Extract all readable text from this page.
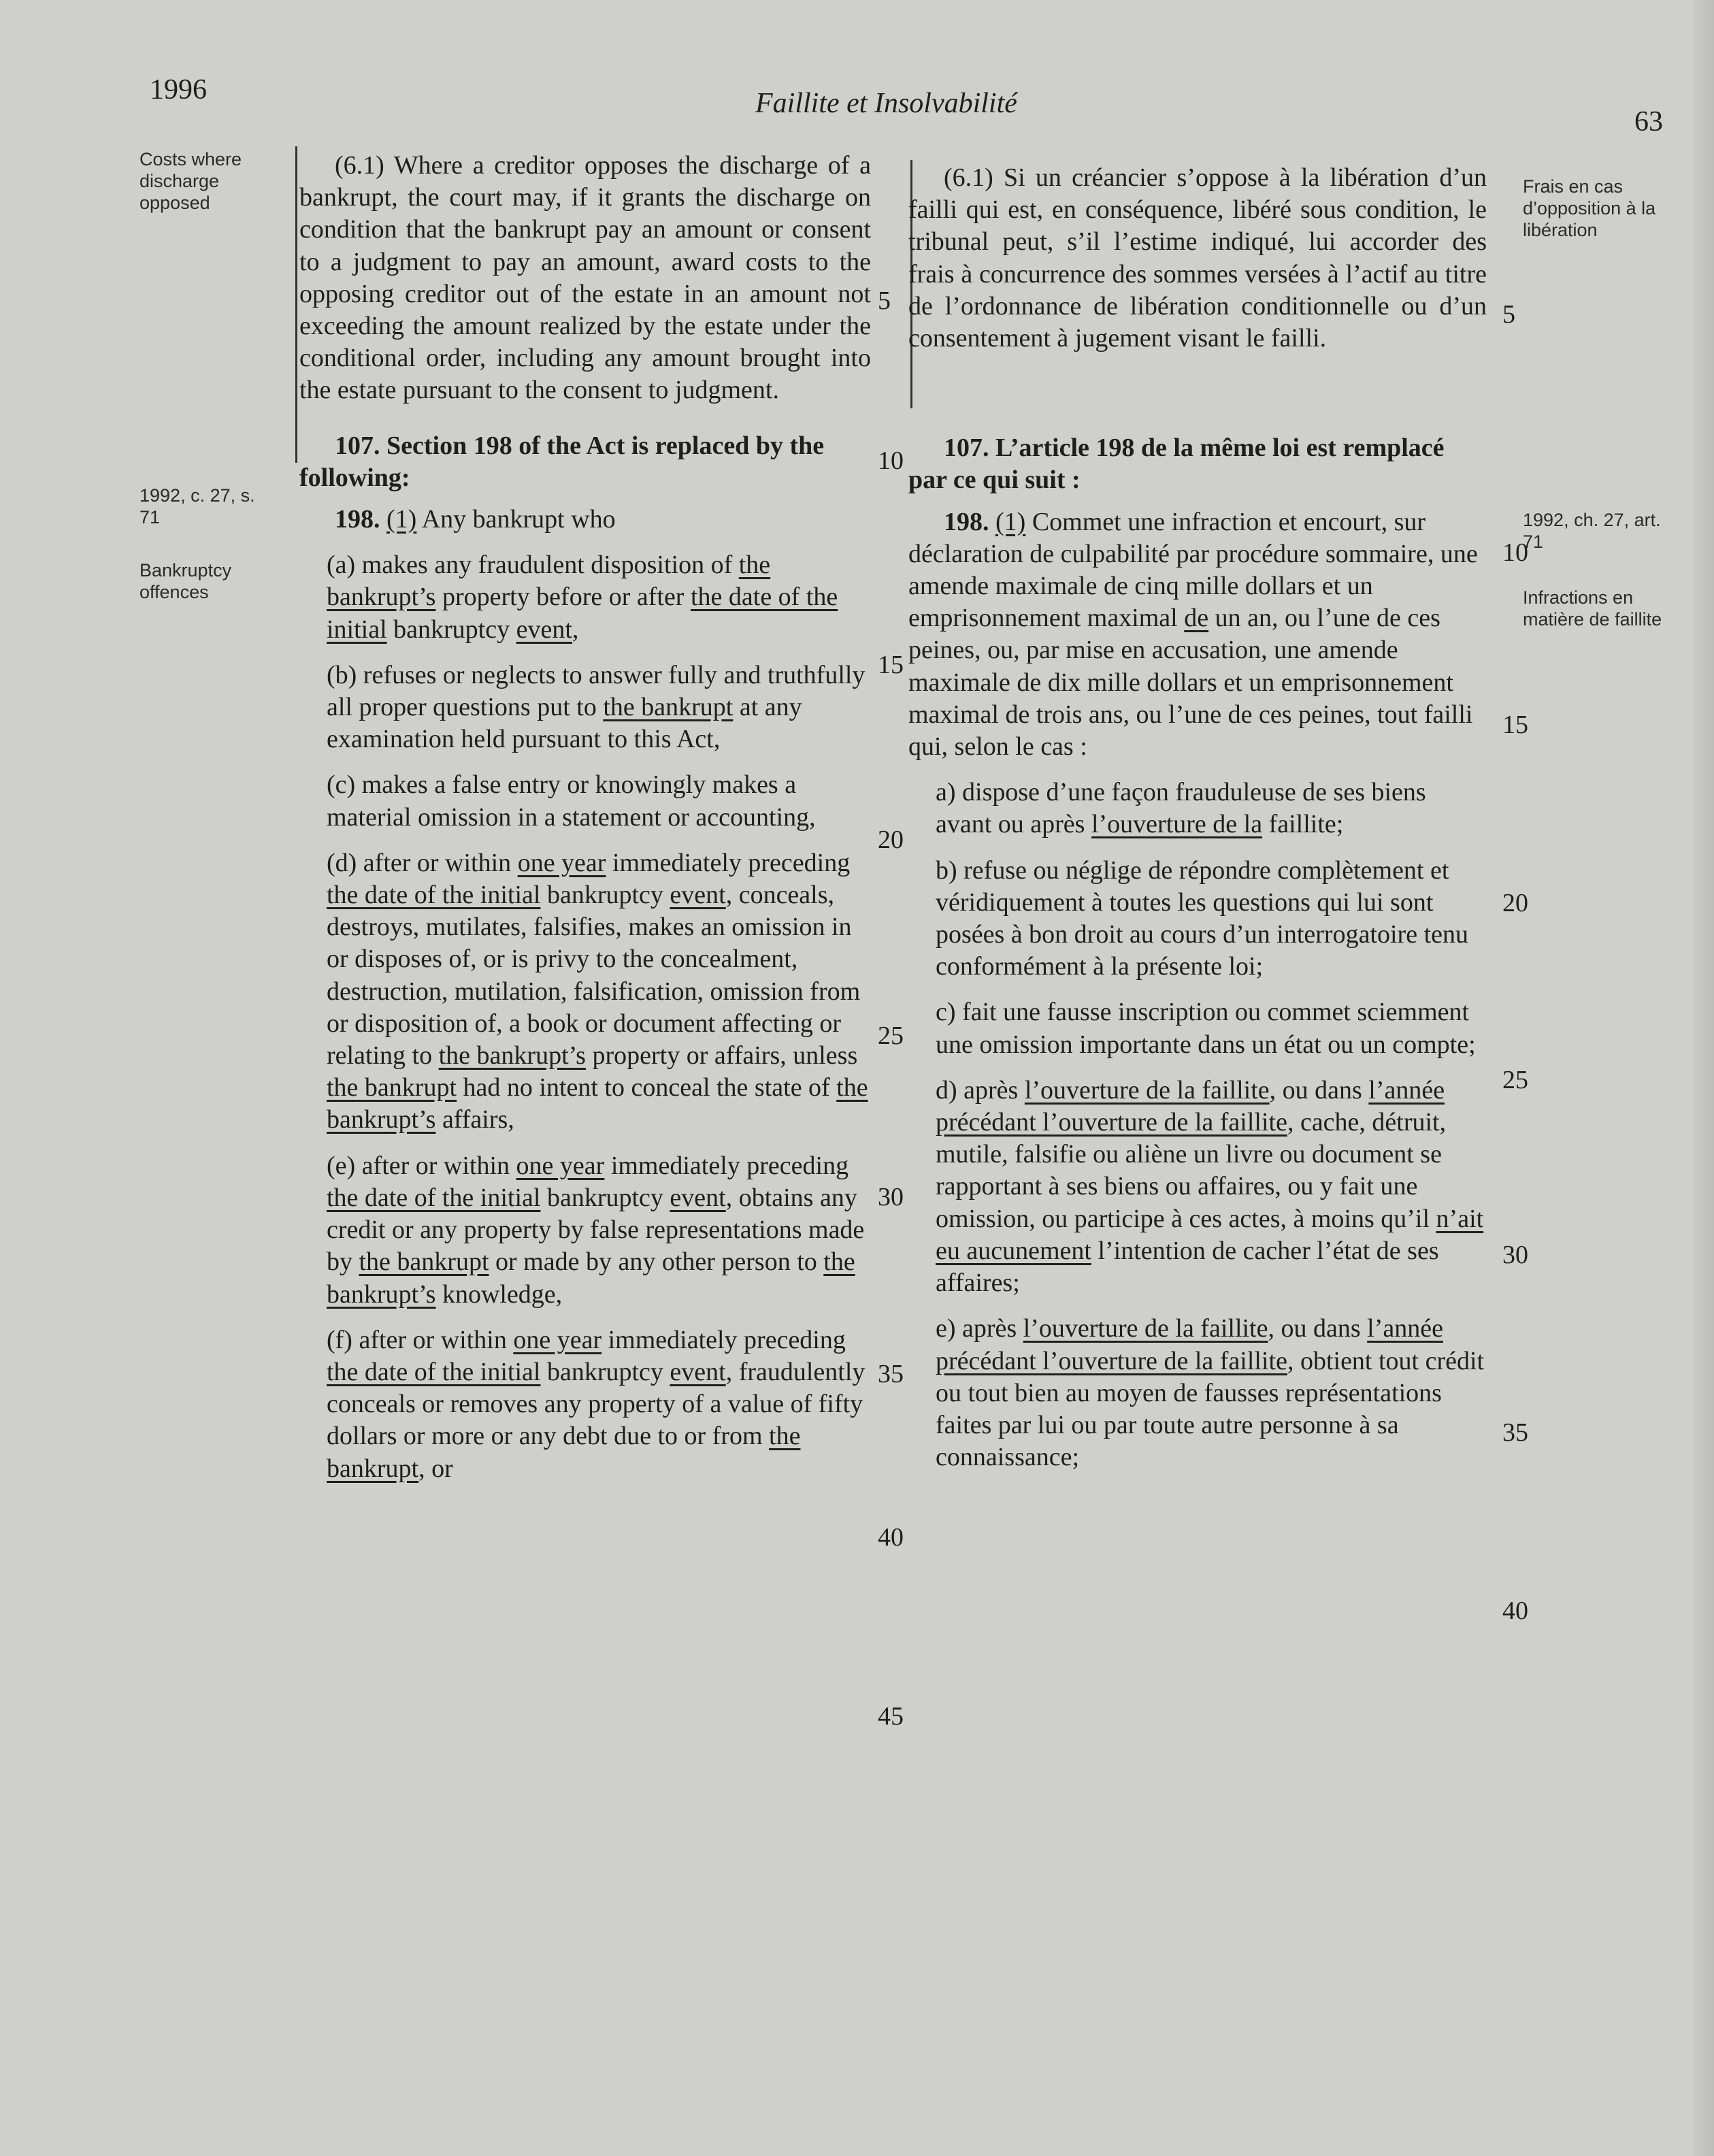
1996	Faillite et Insolvabilité
63
Costs where discharge opposed
1992, c. 27, s. 71
Bankruptcy offences
Frais en cas d’opposition à la libération
1992, ch. 27, art. 71
Infractions en matière de faillite

(6.1) Where a creditor opposes the discharge of a bankrupt, the court may, if it grants the discharge on condition that the bankrupt pay an amount or consent to a judgment to pay an amount, award costs to the opposing creditor out of the estate in an amount not exceeding the amount realized by the estate under the conditional order, including any amount brought into the estate pursuant to the consent to judgment.

107. Section 198 of the Act is replaced by the following:

198. (1) Any bankrupt who

(a) makes any fraudulent disposition of the bankrupt’s property before or after the date of the initial bankruptcy event,

(b) refuses or neglects to answer fully and truthfully all proper questions put to the bankrupt at any examination held pursuant to this Act,

(c) makes a false entry or knowingly makes a material omission in a statement or accounting,

(d) after or within one year immediately preceding the date of the initial bankruptcy event, conceals, destroys, mutilates, falsifies, makes an omission in or disposes of, or is privy to the concealment, destruction, mutilation, falsification, omission from or disposition of, a book or document affecting or relating to the bankrupt’s property or affairs, unless the bankrupt had no intent to conceal the state of the bankrupt’s affairs,

(e) after or within one year immediately preceding the date of the initial bankruptcy event, obtains any credit or any property by false representations made by the bankrupt or made by any other person to the bankrupt’s knowledge,

(f) after or within one year immediately preceding the date of the initial bankruptcy event, fraudulently conceals or removes any property of a value of fifty dollars or more or any debt due to or from the bankrupt, or

(6.1) Si un créancier s’oppose à la libération d’un failli qui est, en conséquence, libéré sous condition, le tribunal peut, s’il l’estime indiqué, lui accorder des frais à concurrence des sommes versées à l’actif au titre de l’ordonnance de libération conditionnelle ou d’un consentement à jugement visant le failli.

107. L’article 198 de la même loi est remplacé par ce qui suit :

198. (1) Commet une infraction et encourt, sur déclaration de culpabilité par procédure sommaire, une amende maximale de cinq mille dollars et un emprisonnement maximal de un an, ou l’une de ces peines, ou, par mise en accusation, une amende maximale de dix mille dollars et un emprisonnement maximal de trois ans, ou l’une de ces peines, tout failli qui, selon le cas :

a) dispose d’une façon frauduleuse de ses biens avant ou après l’ouverture de la faillite;

b) refuse ou néglige de répondre complètement et véridiquement à toutes les questions qui lui sont posées à bon droit au cours d’un interrogatoire tenu conformément à la présente loi;

c) fait une fausse inscription ou commet sciemment une omission importante dans un état ou un compte;

d) après l’ouverture de la faillite, ou dans l’année précédant l’ouverture de la faillite, cache, détruit, mutile, falsifie ou aliène un livre ou document se rapportant à ses biens ou affaires, ou y fait une omission, ou participe à ces actes, à moins qu’il n’ait eu aucunement l’intention de cacher l’état de ses affaires;

e) après l’ouverture de la faillite, ou dans l’année précédant l’ouverture de la faillite, obtient tout crédit ou tout bien au moyen de fausses représentations faites par lui ou par toute autre personne à sa connaissance;

5
10
15
20
25
30
35
40
45
5
10
15
20
25
30
35
40
